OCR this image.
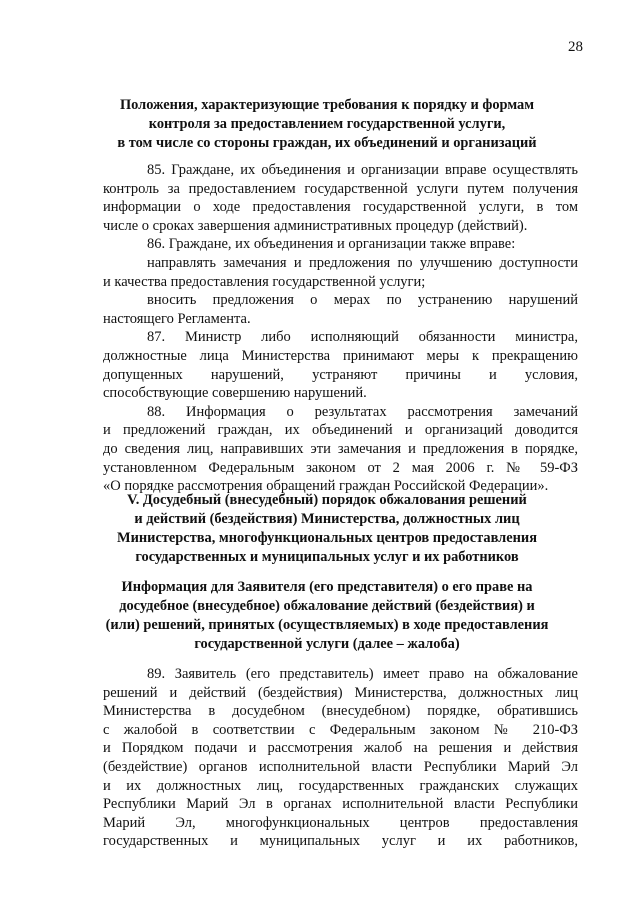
28
Положения, характеризующие требования к порядку и формам
контроля за предоставлением государственной услуги,
в том числе со стороны граждан, их объединений и организаций
85. Граждане, их объединения и организации вправе осуществлять
контроль за предоставлением государственной услуги путем получения
информации о ходе предоставления государственной услуги, в том
числе о сроках завершения административных процедур (действий).
86. Граждане, их объединения и организации также вправе:
направлять замечания и предложения по улучшению доступности
и качества предоставления государственной услуги;
вносить предложения о мерах по устранению нарушений
настоящего Регламента.
87. Министр либо исполняющий обязанности министра,
должностные лица Министерства принимают меры к прекращению
допущенных нарушений, устраняют причины и условия,
способствующие совершению нарушений.
88. Информация о результатах рассмотрения замечаний
и предложений граждан, их объединений и организаций доводится
до сведения лиц, направивших эти замечания и предложения в порядке,
установленном Федеральным законом от 2 мая 2006 г. № 59-ФЗ
«О порядке рассмотрения обращений граждан Российской Федерации».
V. Досудебный (внесудебный) порядок обжалования решений
и действий (бездействия) Министерства, должностных лиц
Министерства, многофункциональных центров предоставления
государственных и муниципальных услуг и их работников
Информация для Заявителя (его представителя) о его праве на
досудебное (внесудебное) обжалование действий (бездействия) и
(или) решений, принятых (осуществляемых) в ходе предоставления
государственной услуги (далее – жалоба)
89. Заявитель (его представитель) имеет право на обжалование
решений и действий (бездействия) Министерства, должностных лиц
Министерства в досудебном (внесудебном) порядке, обратившись
с жалобой в соответствии с Федеральным законом № 210-ФЗ
и Порядком подачи и рассмотрения жалоб на решения и действия
(бездействие) органов исполнительной власти Республики Марий Эл
и их должностных лиц, государственных гражданских служащих
Республики Марий Эл в органах исполнительной власти Республики
Марий Эл, многофункциональных центров предоставления
государственных и муниципальных услуг и их работников,
